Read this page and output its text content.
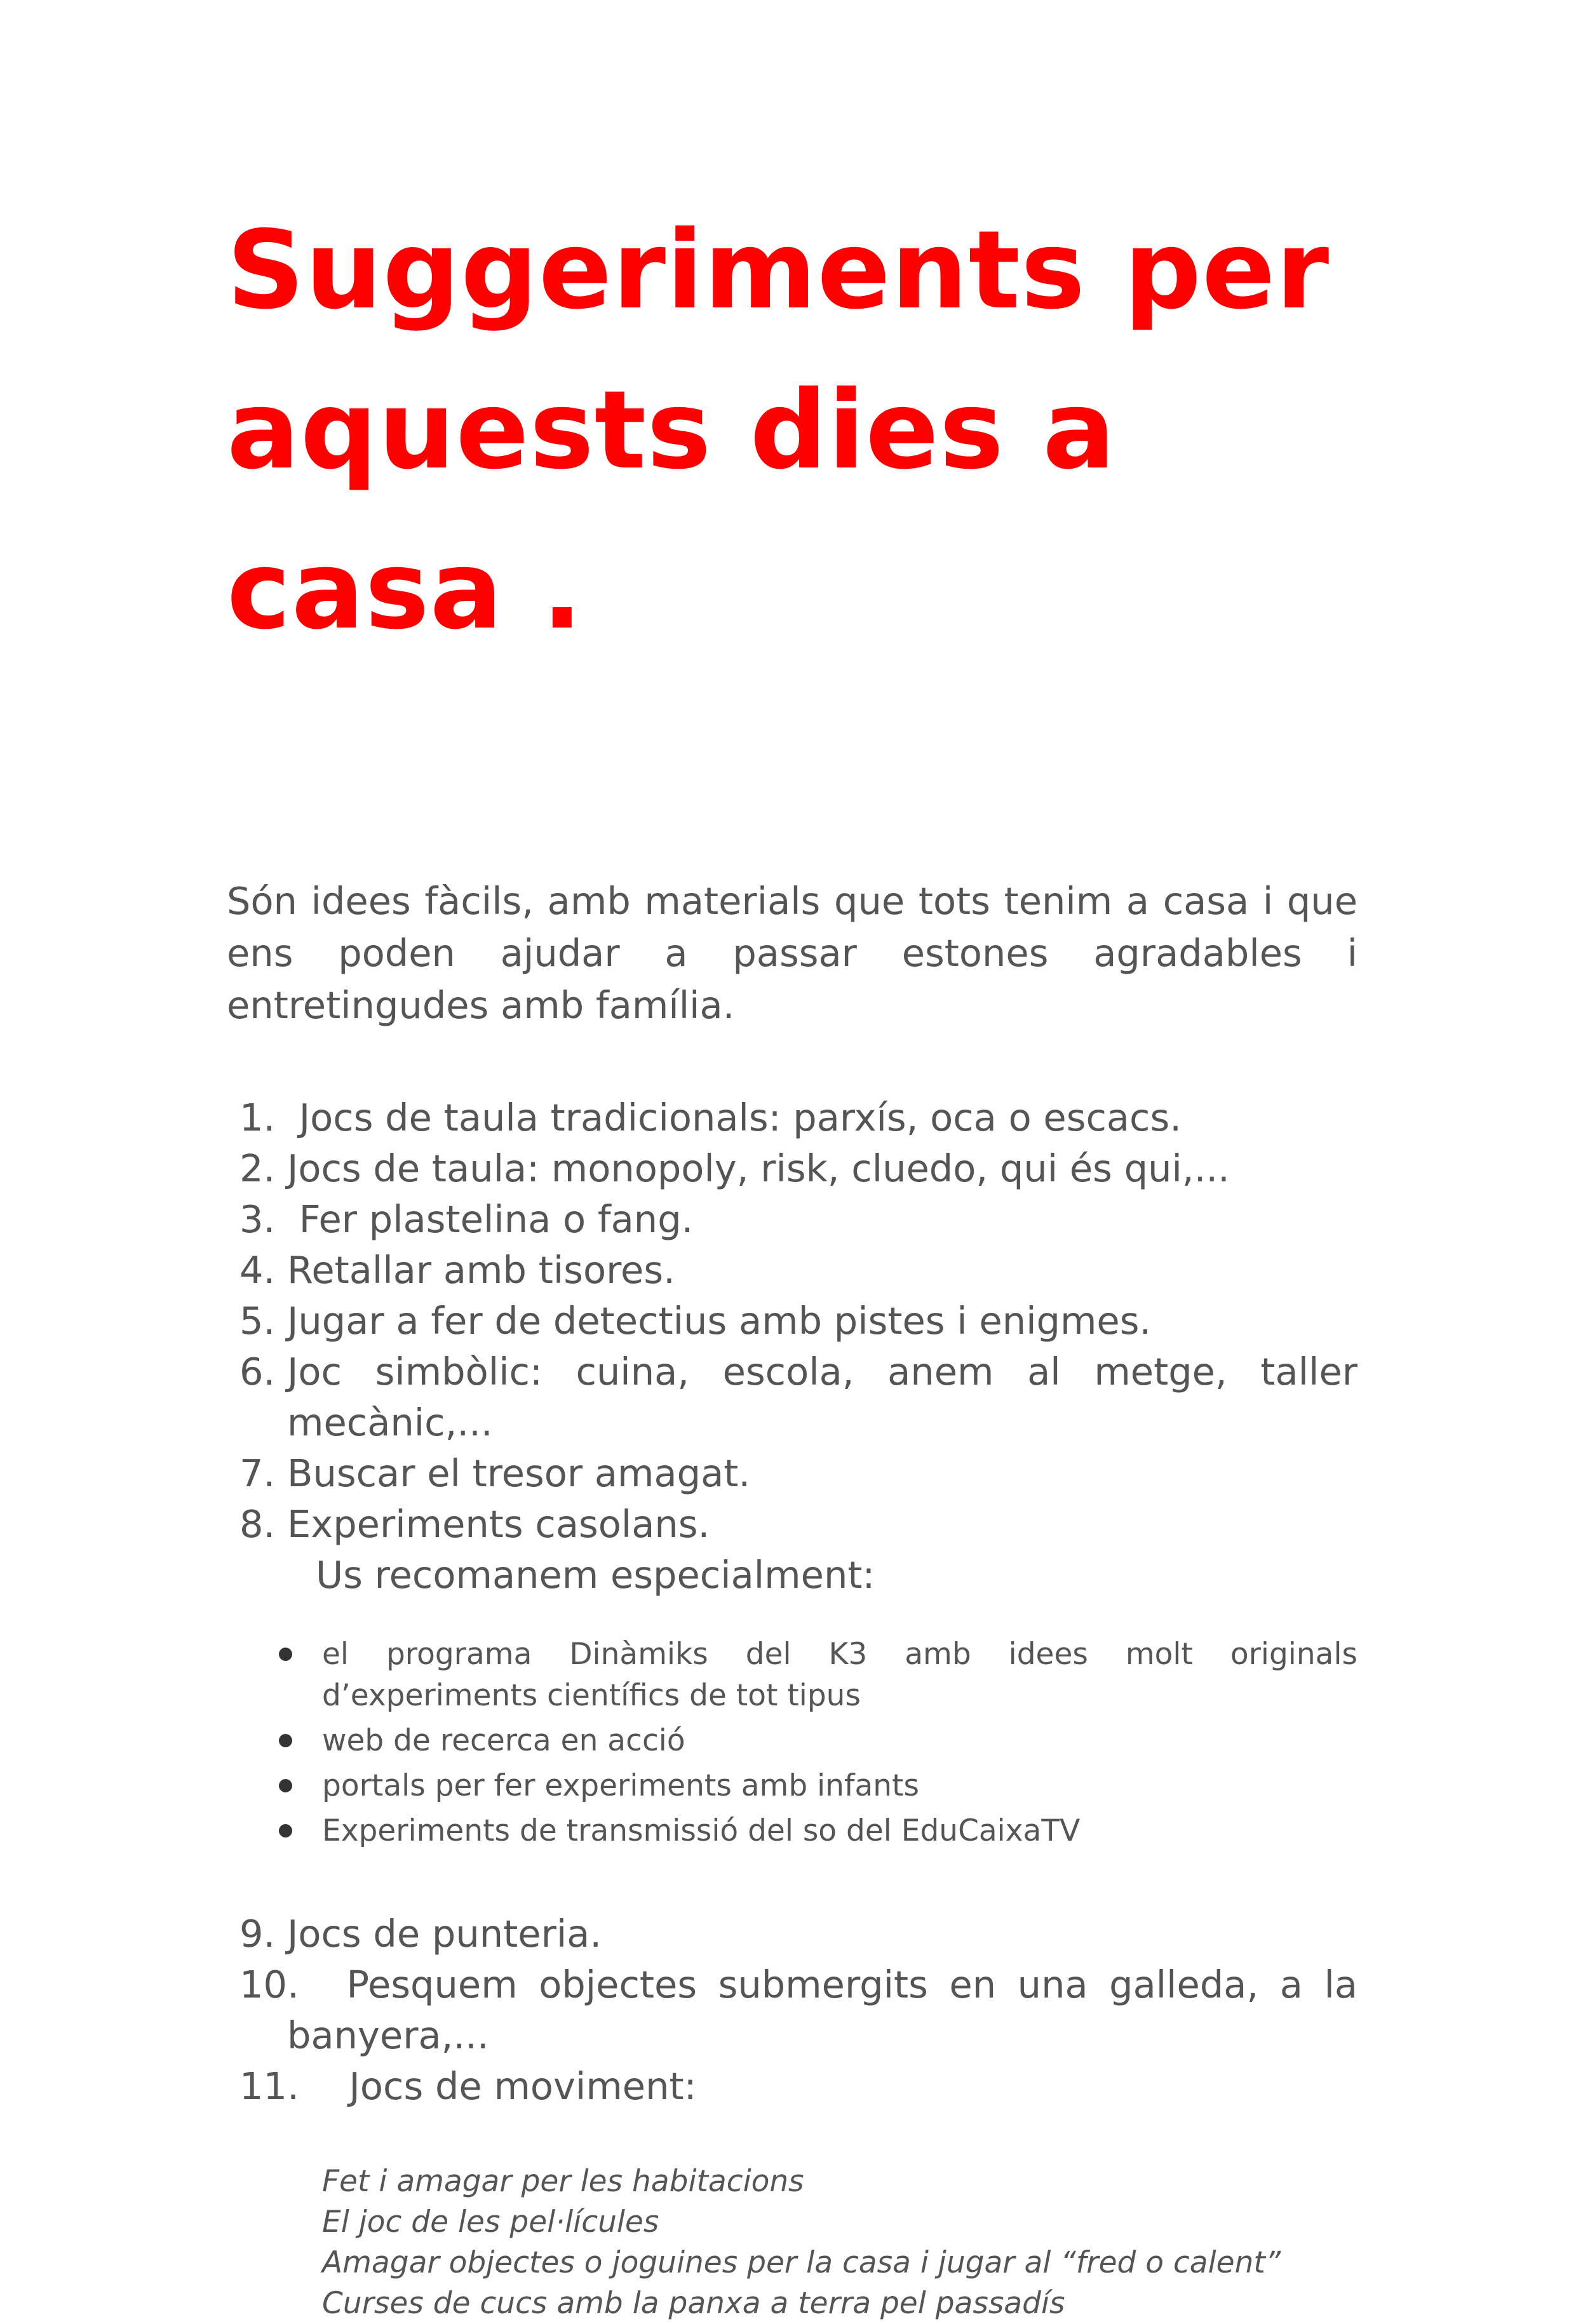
Suggeriments per
aquests dies a casa .

Són idees fàcils, amb materials que tots tenim a casa i que ens poden ajudar a passar estones agradables i entretingudes amb família.

1. Jocs de taula tradicionals: parxís, oca o escacs.
2. Jocs de taula: monopoly, risk, cluedo, qui és qui,...
3. Fer plastelina o fang.
4. Retallar amb tisores.
5. Jugar a fer de detectius amb pistes i enigmes.
6. Joc simbòlic: cuina, escola, anem al metge, taller mecànic,...
7. Buscar el tresor amagat.
8. Experiments casolans.
Us recomanem especialment:
el programa Dinàmiks del K3 amb idees molt originals d’experiments científics de tot tipus
web de recerca en acció
portals per fer experiments amb infants
Experiments de transmissió del so del EduCaixaTV
9. Jocs de punteria.
10. Pesquem objectes submergits en una galleda, a la banyera,...
11. Jocs de moviment:
Fet i amagar per les habitacions
El joc de les pel·lícules
Amagar objectes o joguines per la casa i jugar al “fred o calent”
Curses de cucs amb la panxa a terra pel passadís
